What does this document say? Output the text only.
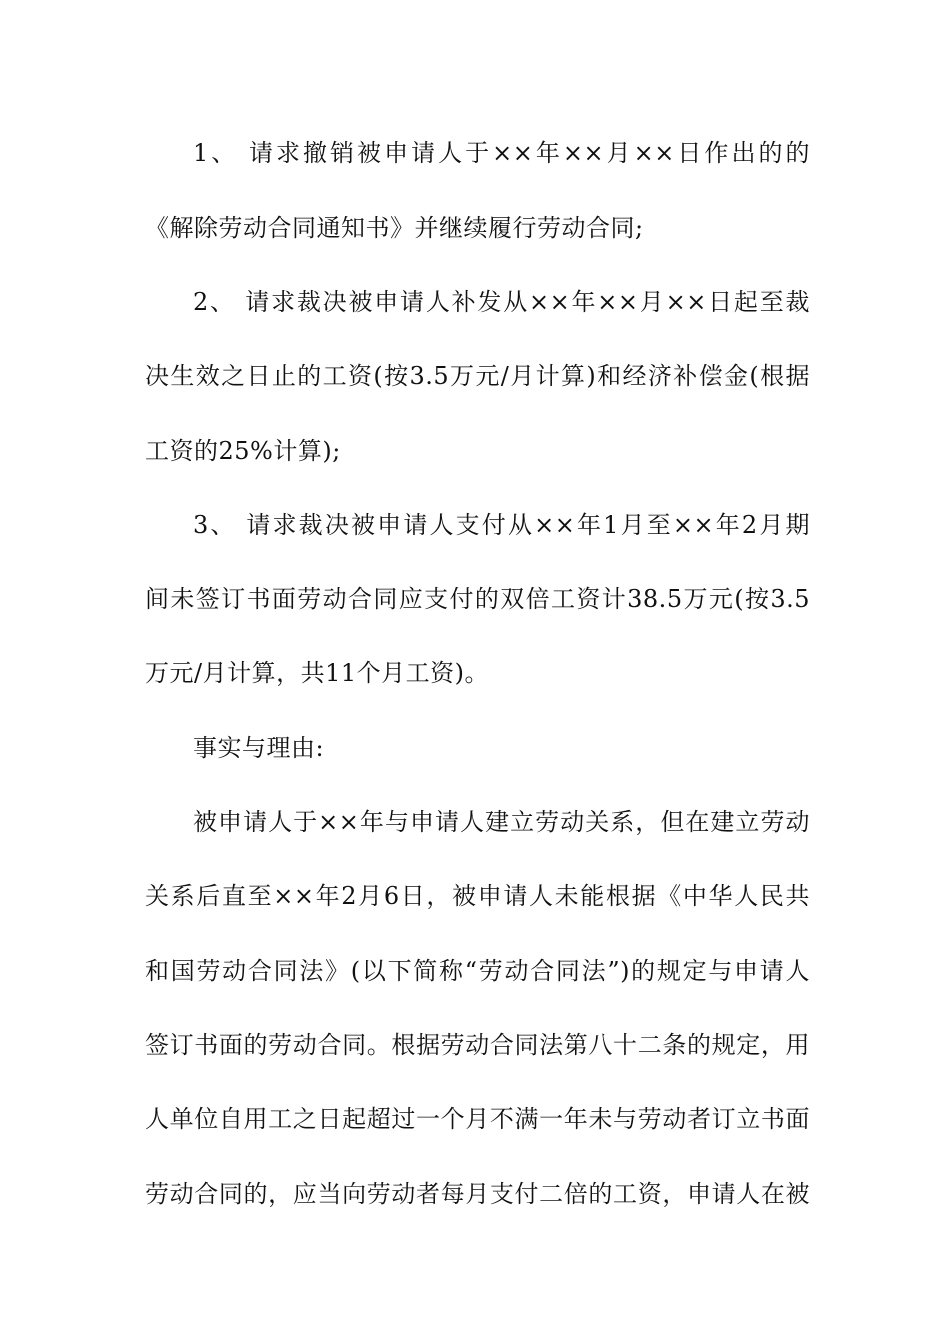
1、 请求撤销被申请人于××年××月××日作出的的
《解除劳动合同通知书》并继续履行劳动合同;
2、 请求裁决被申请人补发从××年××月××日起至裁
决生效之日止的工资(按3.5万元/月计算)和经济补偿金(根据
工资的25%计算);
3、 请求裁决被申请人支付从××年1月至××年2月期
间未签订书面劳动合同应支付的双倍工资计38.5万元(按3.5
万元/月计算，共11个月工资)。
事实与理由:
被申请人于××年与申请人建立劳动关系，但在建立劳动
关系后直至××年2月6日，被申请人未能根据《中华人民共
和国劳动合同法》(以下简称“劳动合同法”)的规定与申请人
签订书面的劳动合同。根据劳动合同法第八十二条的规定，用
人单位自用工之日起超过一个月不满一年未与劳动者订立书面
劳动合同的，应当向劳动者每月支付二倍的工资，申请人在被
